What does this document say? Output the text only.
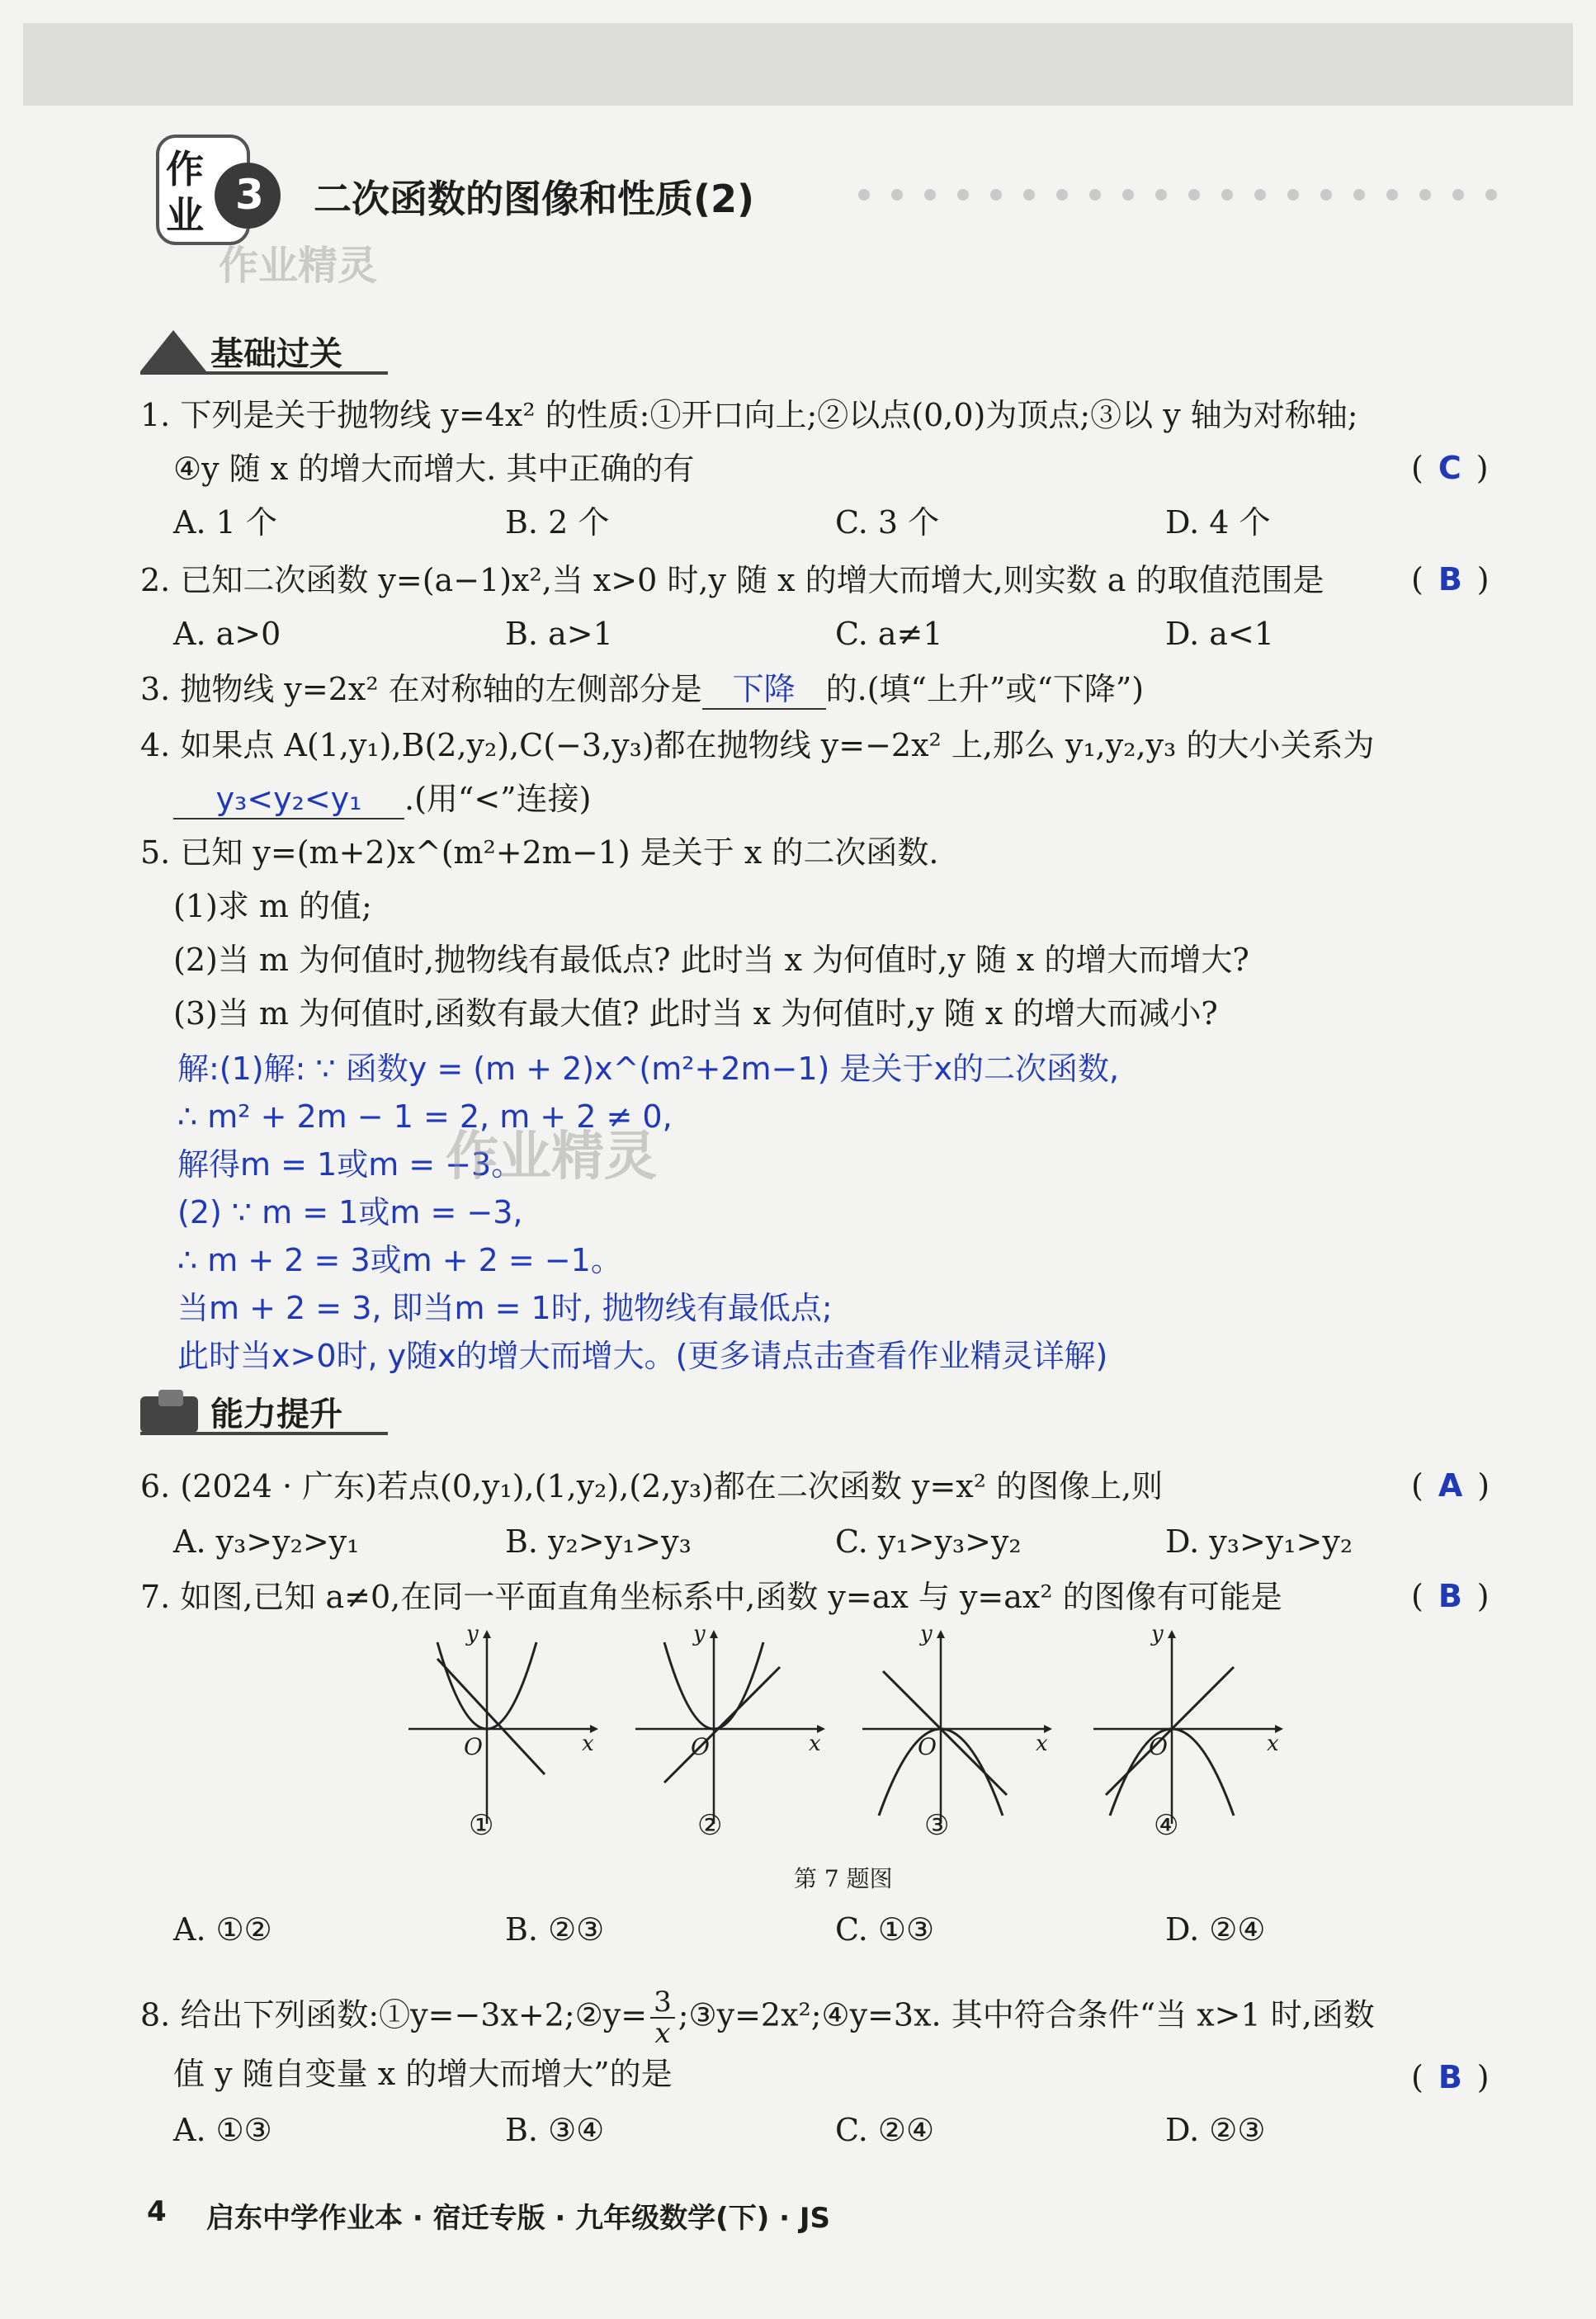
作业 3 二次函数的图像和性质(2)
作业精灵
基础过关
1. 下列是关于抛物线 y=4x² 的性质:①开口向上;②以点(0,0)为顶点;③以 y 轴为对称轴;
④y 随 x 的增大而增大. 其中正确的有	( C )
A. 1 个	B. 2 个	C. 3 个	D. 4 个
2. 已知二次函数 y=(a−1)x²,当 x>0 时,y 随 x 的增大而增大,则实数 a 的取值范围是	( B )
A. a>0	B. a>1	C. a≠1	D. a<1
3. 抛物线 y=2x² 在对称轴的左侧部分是 下降 的.(填“上升”或“下降”)
4. 如果点 A(1,y₁),B(2,y₂),C(−3,y₃)都在抛物线 y=−2x² 上,那么 y₁,y₂,y₃ 的大小关系为
y₃<y₂<y₁ .(用“<”连接)
5. 已知 y=(m+2)x^(m²+2m−1) 是关于 x 的二次函数.
(1)求 m 的值;
(2)当 m 为何值时,抛物线有最低点? 此时当 x 为何值时,y 随 x 的增大而增大?
(3)当 m 为何值时,函数有最大值? 此时当 x 为何值时,y 随 x 的增大而减小?
解:(1)解: ∵ 函数y = (m + 2)x^(m²+2m−1) 是关于x的二次函数,
∴ m² + 2m − 1 = 2, m + 2 ≠ 0,
解得m = 1或m = −3。
(2) ∵ m = 1或m = −3,
∴ m + 2 = 3或m + 2 = −1。
当m + 2 = 3, 即当m = 1时, 抛物线有最低点;
此时当x>0时, y随x的增大而增大。(更多请点击查看作业精灵详解)
作业精灵
能力提升
6. (2024 · 广东)若点(0,y₁),(1,y₂),(2,y₃)都在二次函数 y=x² 的图像上,则	( A )
A. y₃>y₂>y₁	B. y₂>y₁>y₃	C. y₁>y₃>y₂	D. y₃>y₁>y₂
7. 如图,已知 a≠0,在同一平面直角坐标系中,函数 y=ax 与 y=ax² 的图像有可能是	( B )
y
x
O
y
x
O
y
x
O
y
x
O
①	②	③	④
第 7 题图
A. ①②	B. ②③	C. ①③	D. ②④
8. 给出下列函数:①y=−3x+2;②y= $\frac{3}{x}$ ;③y=2x²;④y=3x. 其中符合条件“当 x>1 时,函数
值 y 随自变量 x 的增大而增大”的是	( B )
A. ①③	B. ③④	C. ②④	D. ②③
4 启东中学作业本 · 宿迁专版 · 九年级数学(下) · JS
